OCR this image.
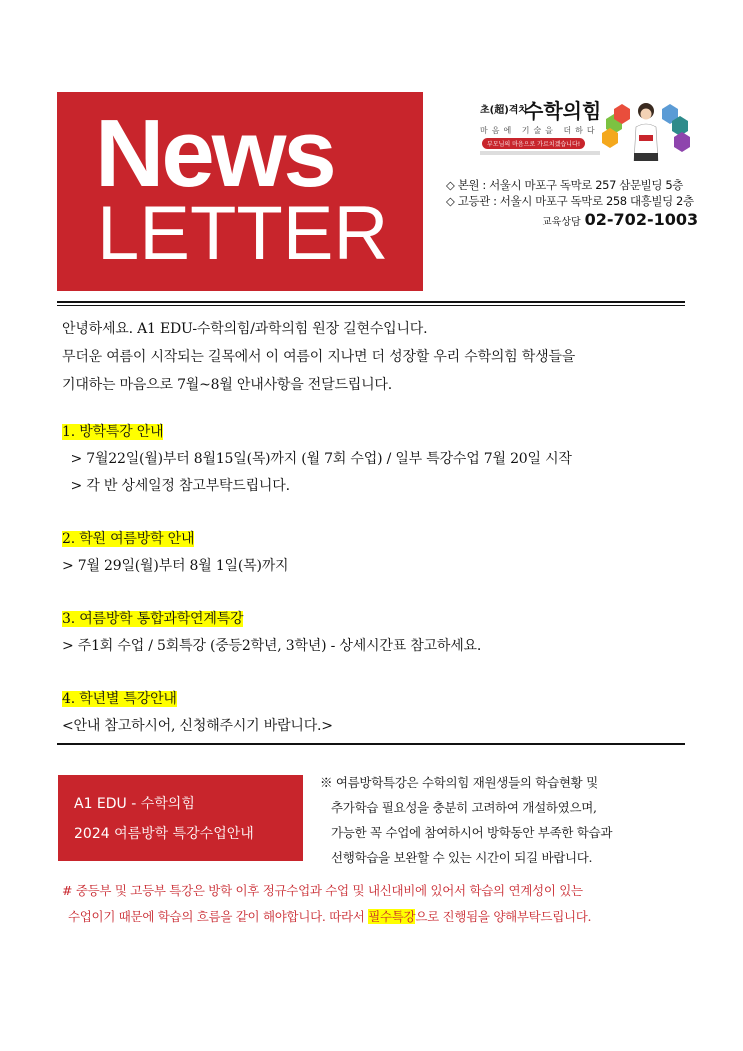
News
LETTER
초(超)격차
수학의힘
마음에 기술을 더하다
부모님의 마음으로 가르치겠습니다!
◇ 본원 : 서울시 마포구 독막로 257 삼문빌딩 5층
◇ 고등관 : 서울시 마포구 독막로 258 대흥빌딩 2층
교육상담 02-702-1003
안녕하세요. A1 EDU-수학의힘/과학의힘 원장 길현수입니다.
무더운 여름이 시작되는 길목에서 이 여름이 지나면 더 성장할 우리 수학의힘 학생들을
기대하는 마음으로 7월~8월 안내사항을 전달드립니다.
1. 방학특강 안내
> 7월22일(월)부터 8월15일(목)까지 (월 7회 수업) / 일부 특강수업 7월 20일 시작
> 각 반 상세일정 참고부탁드립니다.
2. 학원 여름방학 안내
> 7월 29일(월)부터 8월 1일(목)까지
3. 여름방학 통합과학연계특강
> 주1회 수업 / 5회특강 (중등2학년, 3학년) - 상세시간표 참고하세요.
4. 학년별 특강안내
<안내 참고하시어, 신청해주시기 바랍니다.>
A1 EDU - 수학의힘
2024 여름방학 특강수업안내
※ 여름방학특강은 수학의힘 재원생들의 학습현황 및
추가학습 필요성을 충분히 고려하여 개설하였으며,
가능한 꼭 수업에 참여하시어 방학동안 부족한 학습과
선행학습을 보완할 수 있는 시간이 되길 바랍니다.
# 중등부 및 고등부 특강은 방학 이후 정규수업과 수업 및 내신대비에 있어서 학습의 연계성이 있는
수업이기 때문에 학습의 흐름을 같이 해야합니다. 따라서 필수특강으로 진행됨을 양해부탁드립니다.
